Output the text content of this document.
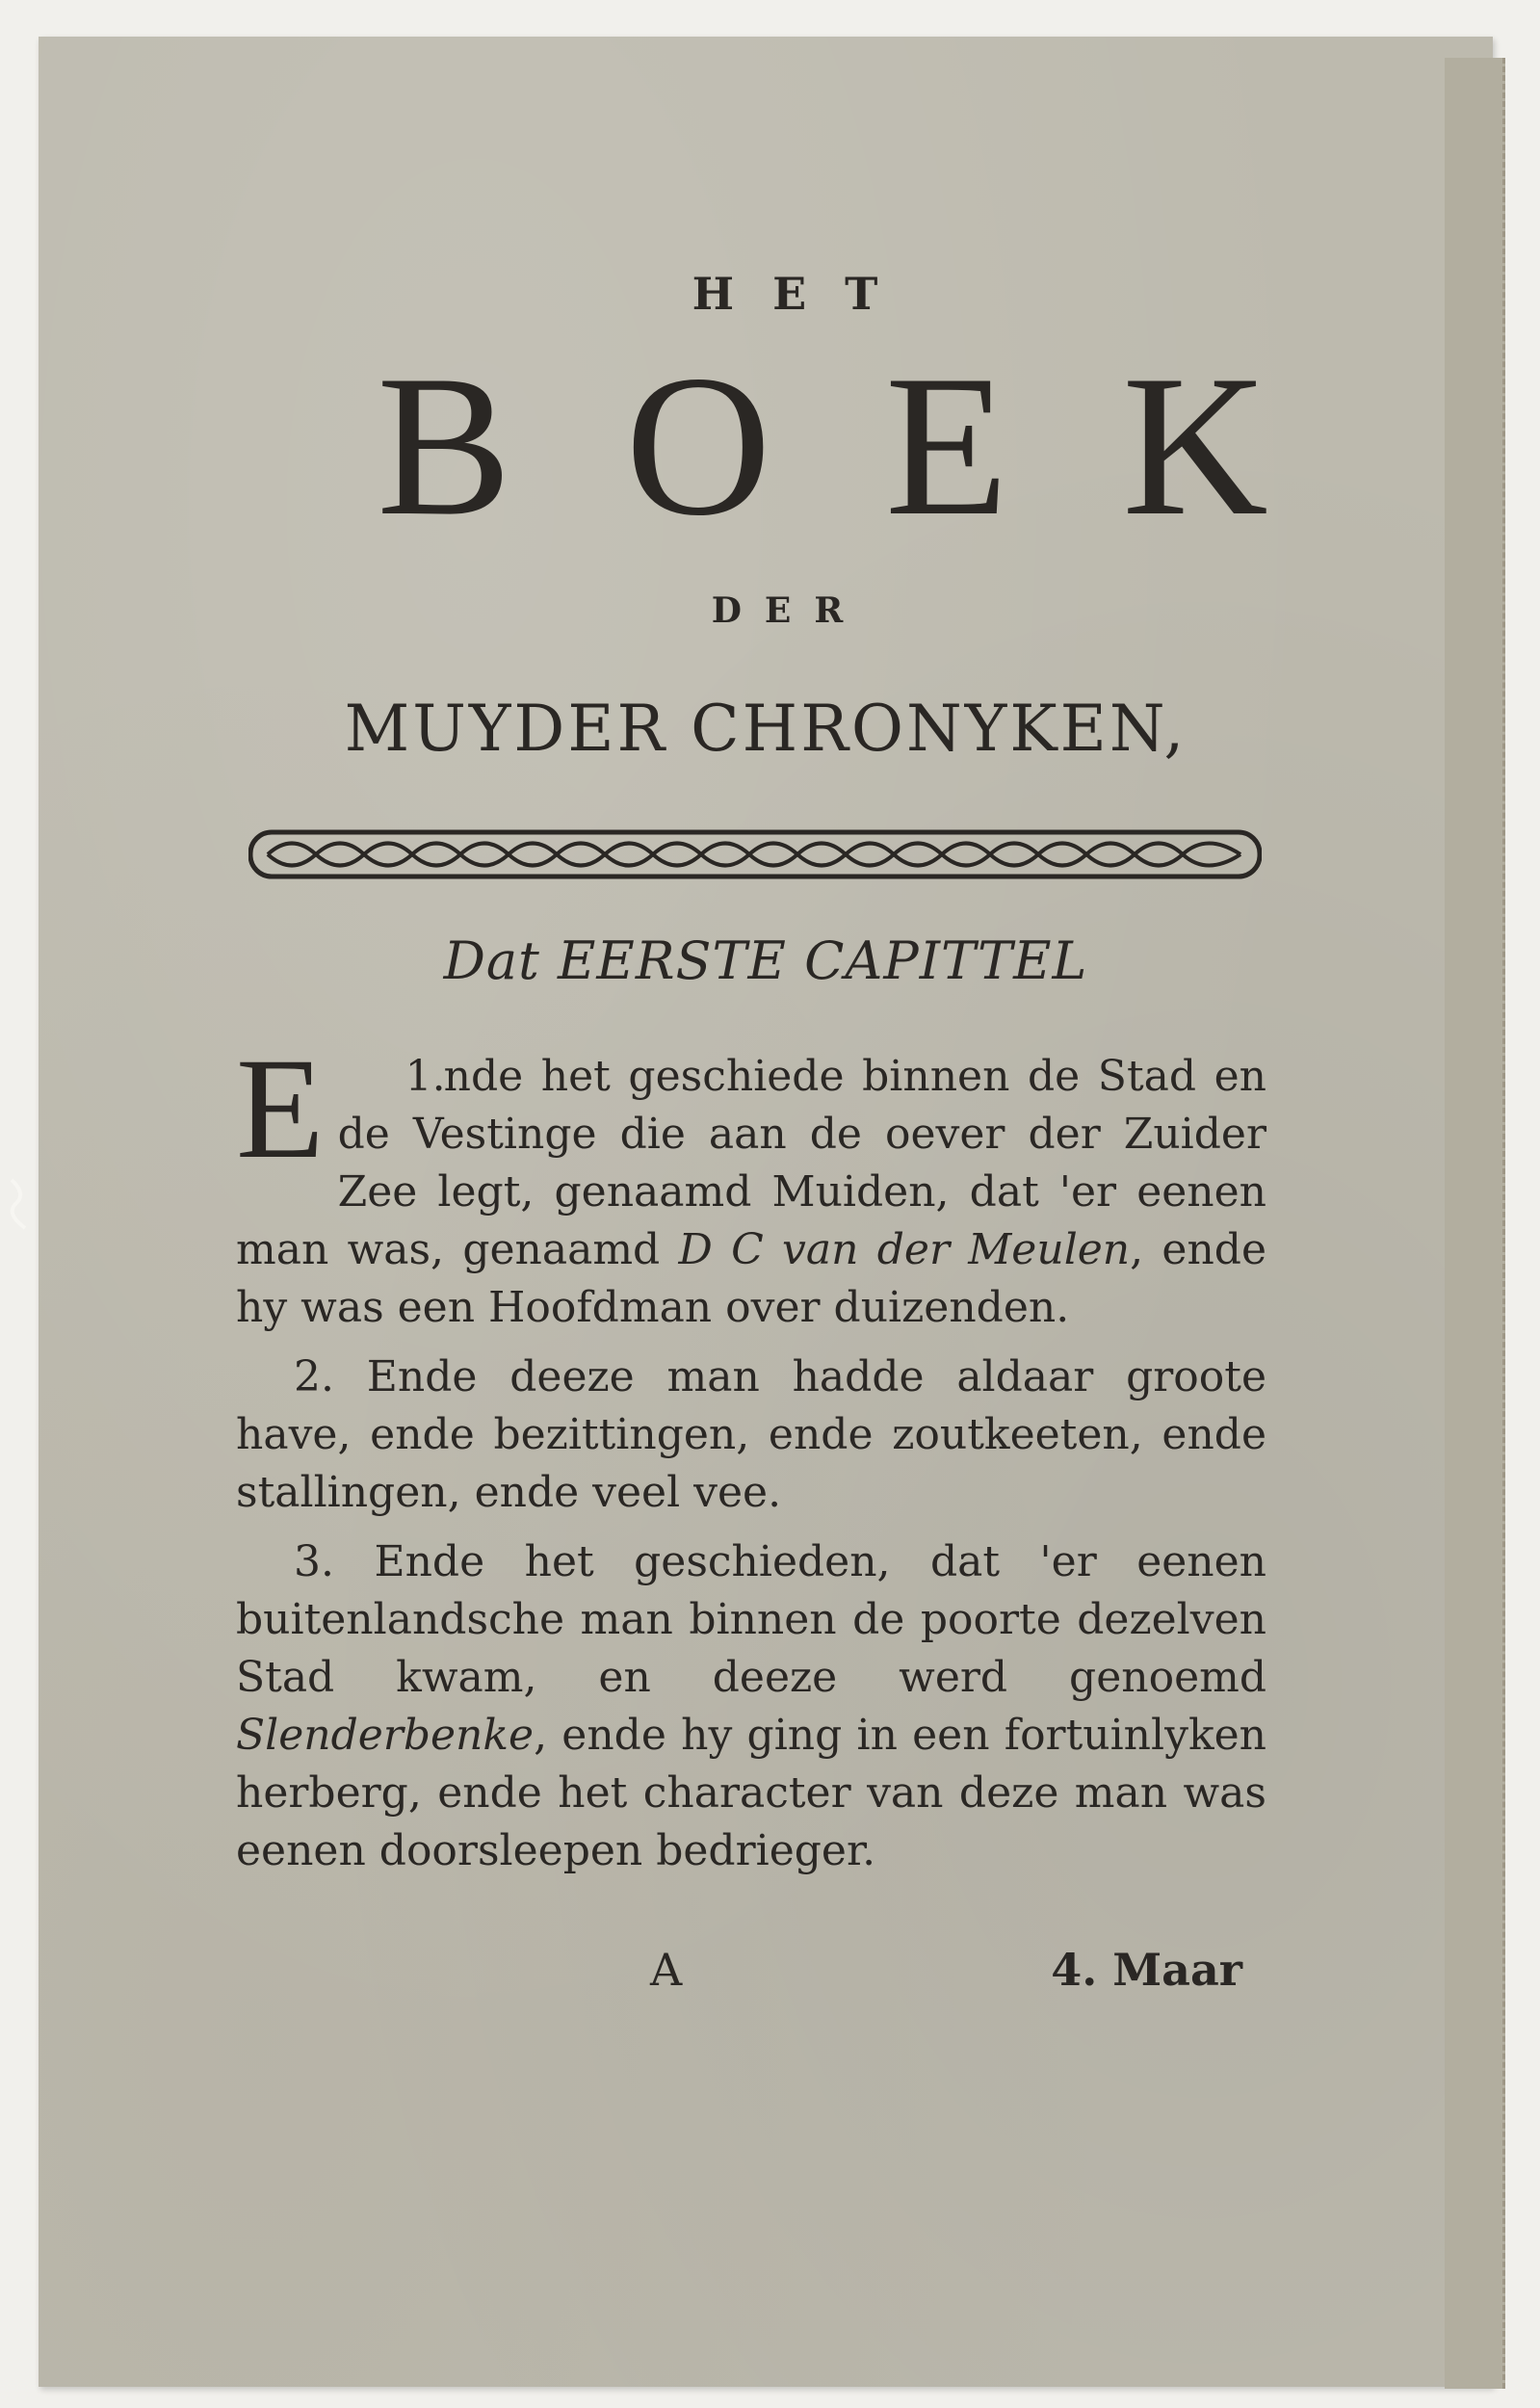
HET
BOEK
DER
MUYDER CHRONYKEN,
Dat EERSTE CAPITTEL

1.
E	nde het geschiede binnen de Stad en de Vestinge die aan de oever der Zuider Zee legt, genaamd Muiden, dat 'er eenen man was, genaamd D C van der Meulen, ende hy was een Hoofdman over duizenden.

2. Ende deeze man hadde aldaar groote have, ende bezittingen, ende zoutkeeten, ende stallingen, ende veel vee.

3. Ende het geschieden, dat 'er eenen buitenlandsche man binnen de poorte dezelven Stad kwam, en deeze werd genoemd Slenderbenke, ende hy ging in een fortuinlyken herberg, ende het character van deze man was eenen doorsleepen bedrieger.

A	4. Maar
